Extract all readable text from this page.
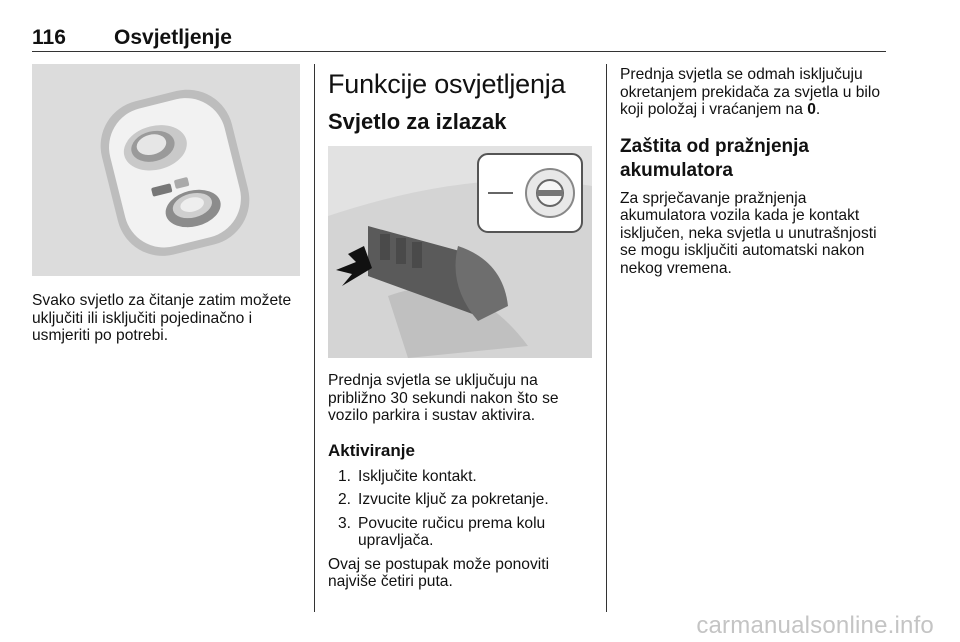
116 Osvjetljenje

Svako svjetlo za čitanje zatim možete uključiti ili isključiti pojedinačno i usmjeriti po potrebi.

Funkcije osvjetljenja
Svjetlo za izlazak

Prednja svjetla se uključuju na približno 30 sekundi nakon što se vozilo parkira i sustav aktivira.

Aktiviranje
1. Isključite kontakt.
2. Izvucite ključ za pokretanje.
3. Povucite ručicu prema kolu upravljača.

Ovaj se postupak može ponoviti najviše četiri puta.

Prednja svjetla se odmah isključuju okretanjem prekidača za svjetla u bilo koji položaj i vraćanjem na 0.

Zaštita od pražnjenja akumulatora

Za sprječavanje pražnjenja akumulatora vozila kada je kontakt isključen, neka svjetla u unutrašnjosti se mogu isključiti automatski nakon nekog vremena.

carmanualsonline.info
